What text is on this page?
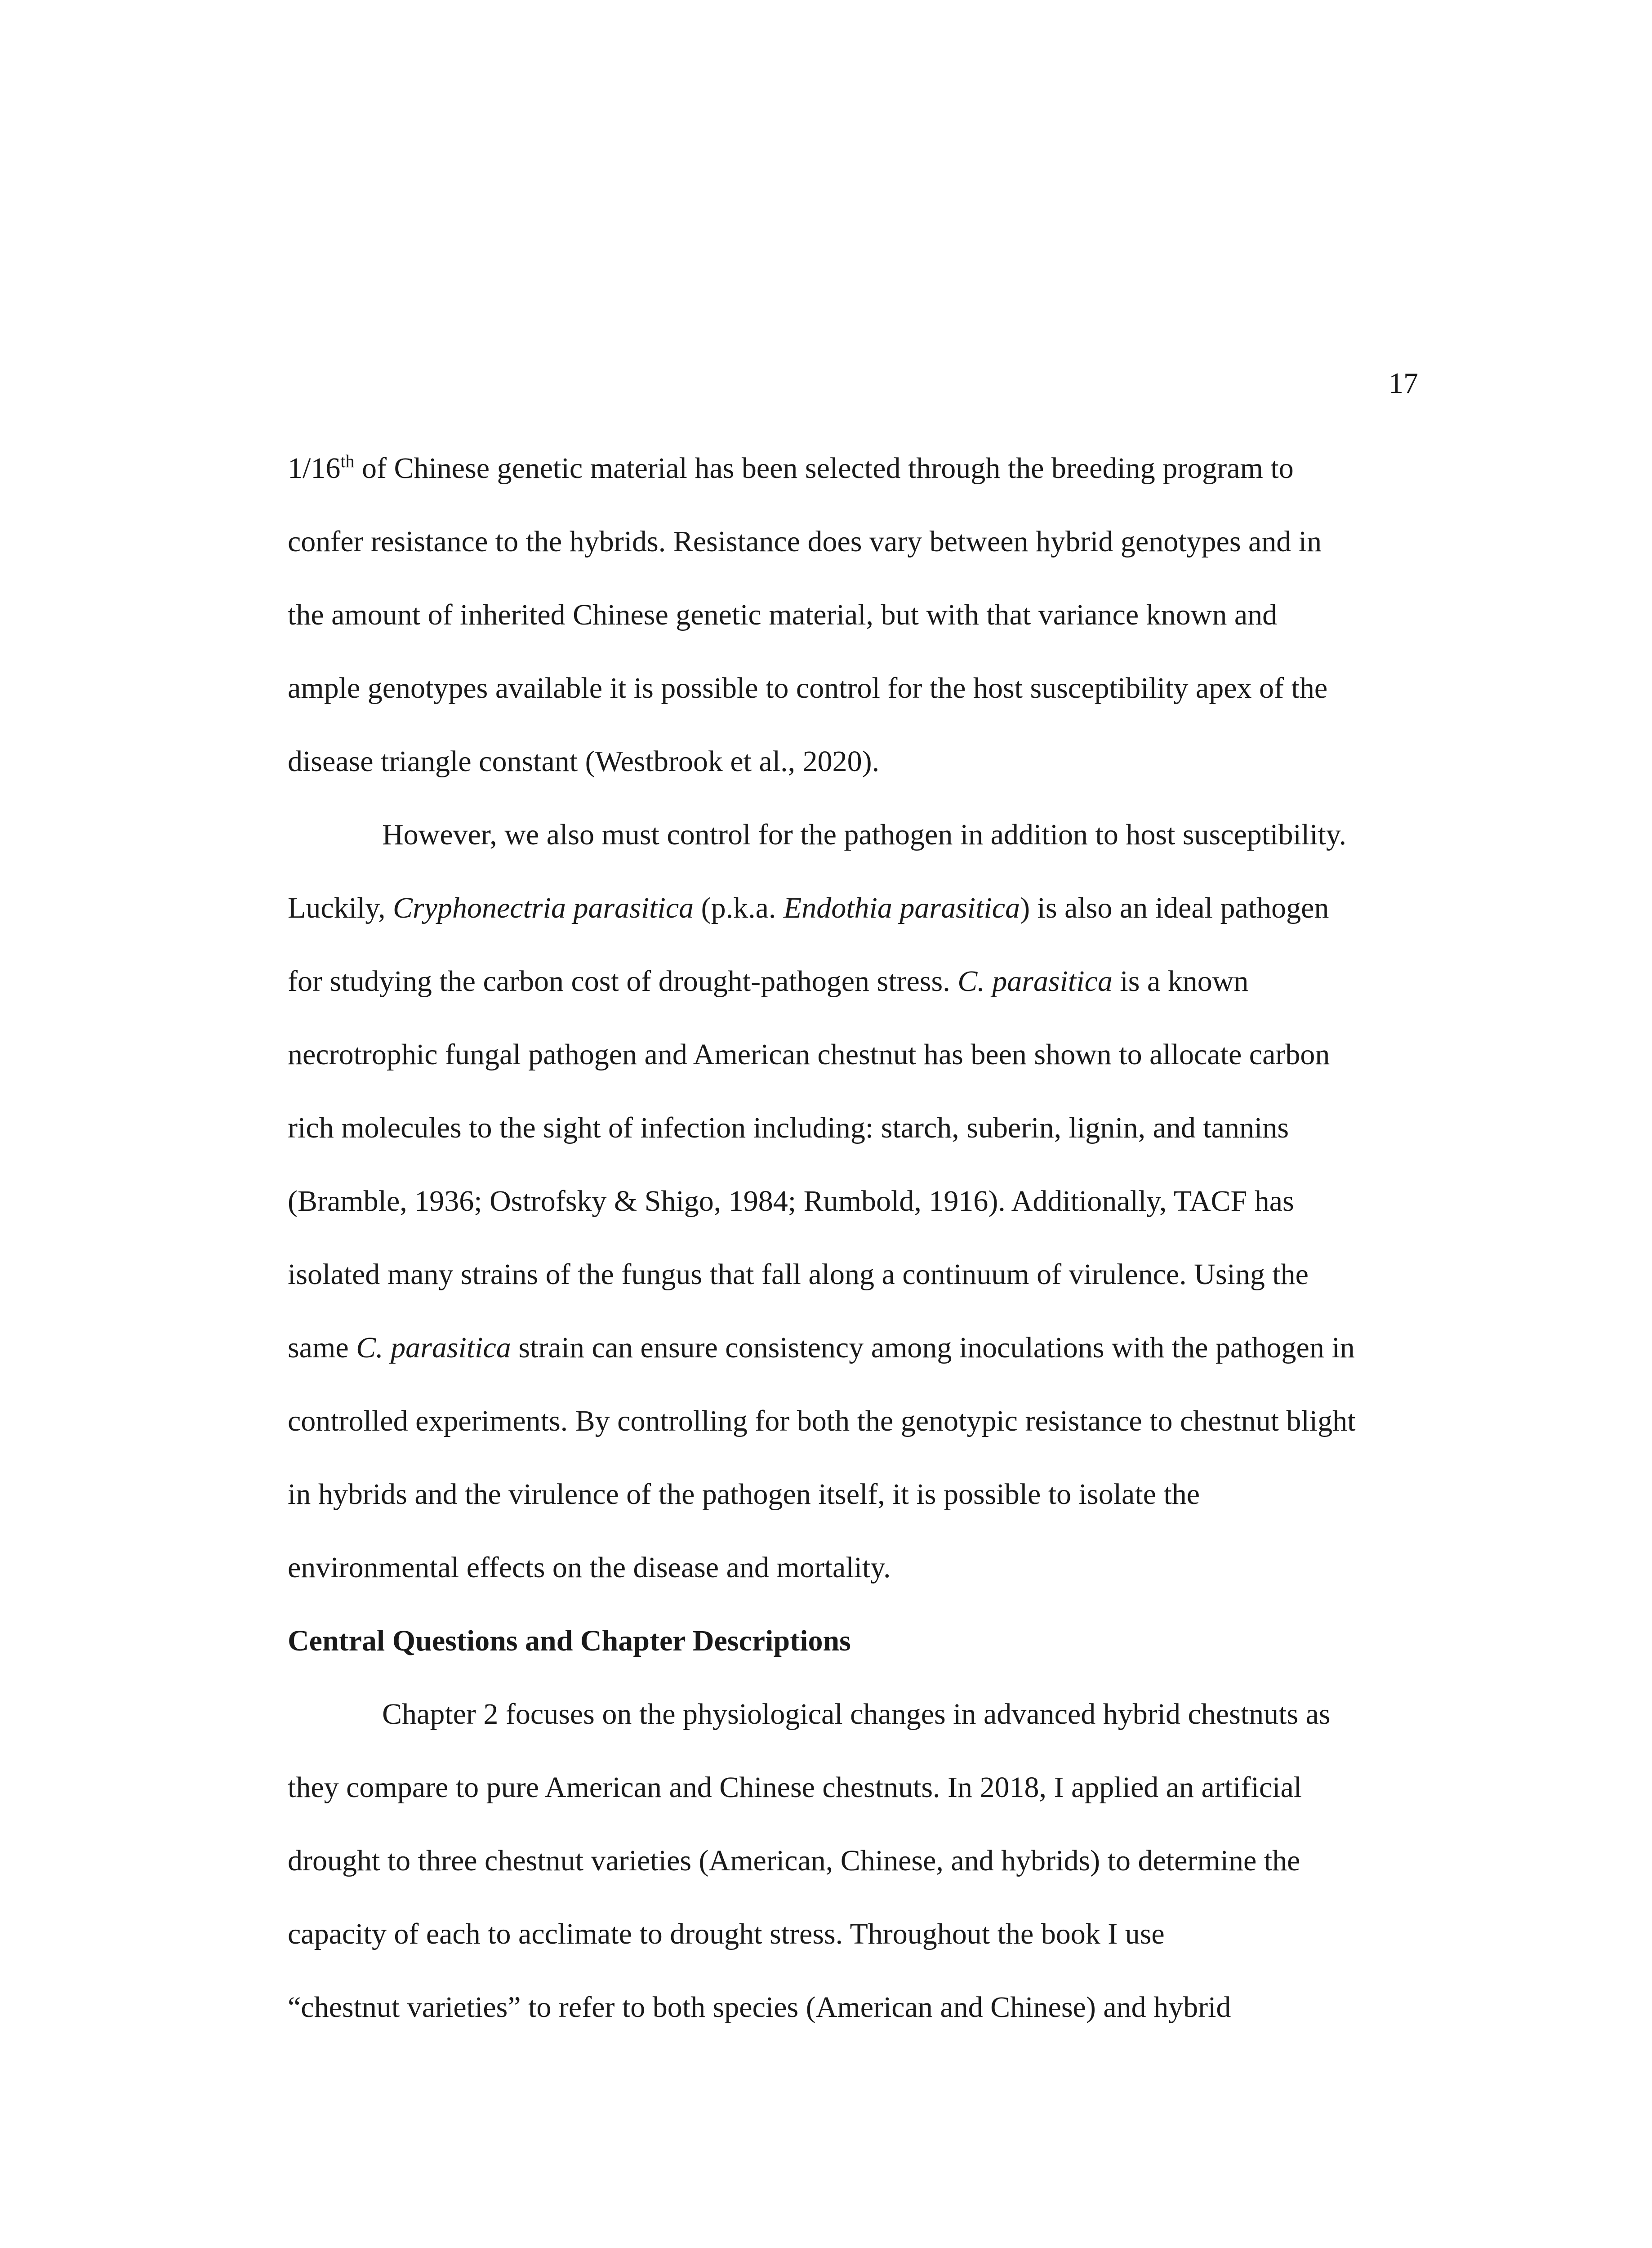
17
1/16th of Chinese genetic material has been selected through the breeding program to
confer resistance to the hybrids. Resistance does vary between hybrid genotypes and in
the amount of inherited Chinese genetic material, but with that variance known and
ample genotypes available it is possible to control for the host susceptibility apex of the
disease triangle constant (Westbrook et al., 2020).
However, we also must control for the pathogen in addition to host susceptibility.
Luckily, Cryphonectria parasitica (p.k.a. Endothia parasitica) is also an ideal pathogen
for studying the carbon cost of drought-pathogen stress. C. parasitica is a known
necrotrophic fungal pathogen and American chestnut has been shown to allocate carbon
rich molecules to the sight of infection including: starch, suberin, lignin, and tannins
(Bramble, 1936; Ostrofsky & Shigo, 1984; Rumbold, 1916). Additionally, TACF has
isolated many strains of the fungus that fall along a continuum of virulence. Using the
same C. parasitica strain can ensure consistency among inoculations with the pathogen in
controlled experiments. By controlling for both the genotypic resistance to chestnut blight
in hybrids and the virulence of the pathogen itself, it is possible to isolate the
environmental effects on the disease and mortality.
Central Questions and Chapter Descriptions
Chapter 2 focuses on the physiological changes in advanced hybrid chestnuts as
they compare to pure American and Chinese chestnuts. In 2018, I applied an artificial
drought to three chestnut varieties (American, Chinese, and hybrids) to determine the
capacity of each to acclimate to drought stress. Throughout the book I use
“chestnut varieties” to refer to both species (American and Chinese) and hybrid
